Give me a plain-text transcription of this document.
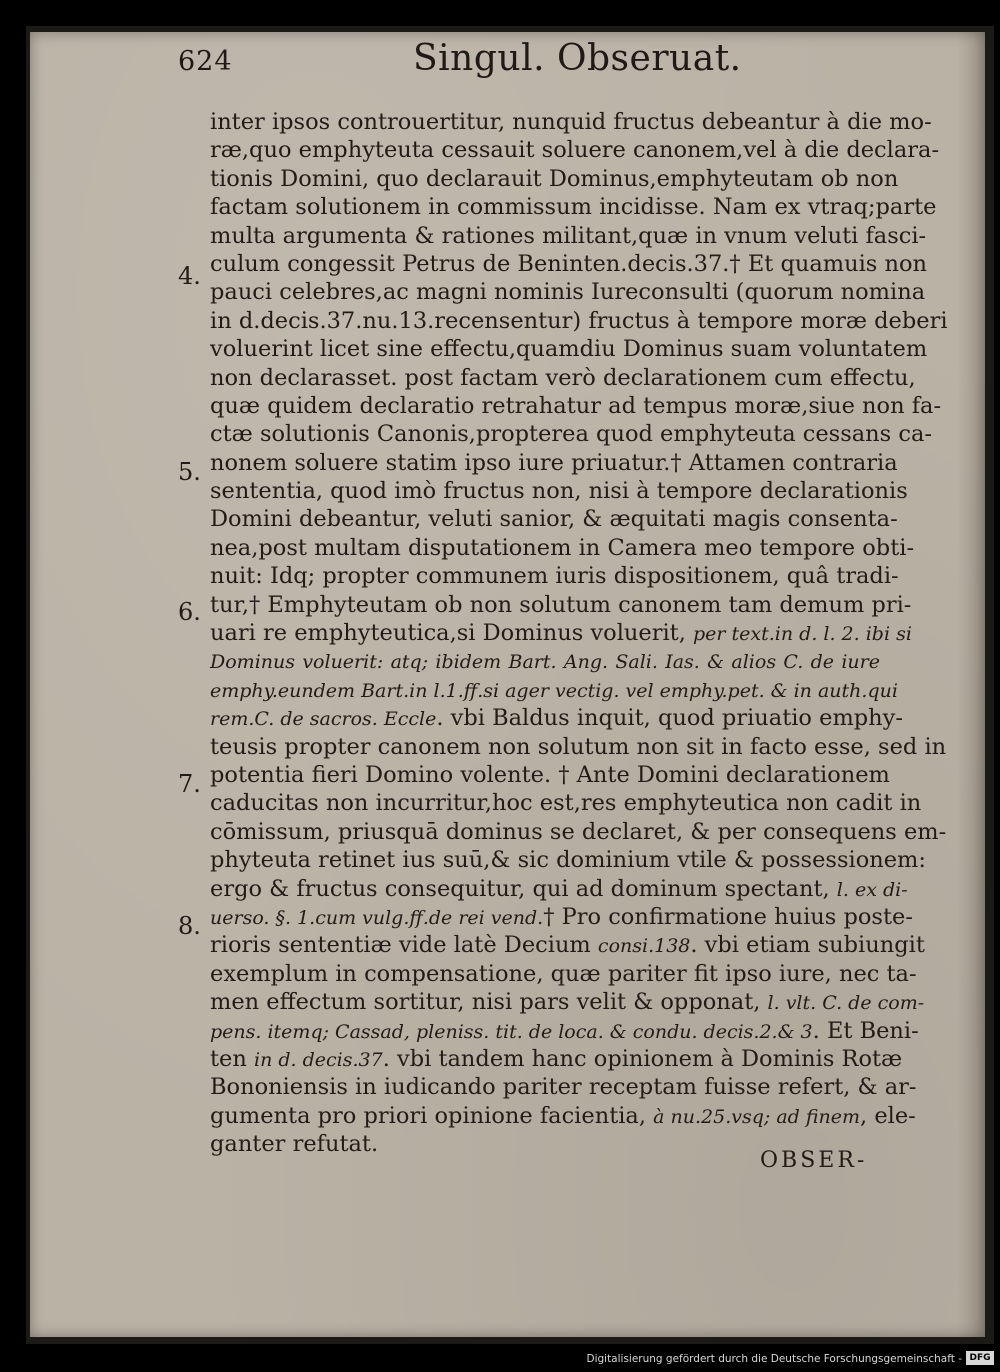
624	Singul. Obseruat.
inter ipsos controuertitur, nunquid fructus debeantur à die mo-
ræ,quo emphyteuta cessauit soluere canonem,vel à die declara-
tionis Domini, quo declarauit Dominus,emphyteutam ob non
factam solutionem in commissum incidisse. Nam ex vtraq;parte
multa argumenta & rationes militant,quæ in vnum veluti fasci-
culum congessit Petrus de Beninten.decis.37.† Et quamuis non
pauci celebres,ac magni nominis Iureconsulti (quorum nomina
in d.decis.37.nu.13.recensentur) fructus à tempore moræ deberi
voluerint licet sine effectu,quamdiu Dominus suam voluntatem
non declarasset. post factam verò declarationem cum effectu,
quæ quidem declaratio retrahatur ad tempus moræ,siue non fa-
ctæ solutionis Canonis,propterea quod emphyteuta cessans ca-
nonem soluere statim ipso iure priuatur.† Attamen contraria
sententia, quod imò fructus non, nisi à tempore declarationis
Domini debeantur, veluti sanior, & æquitati magis consenta-
nea,post multam disputationem in Camera meo tempore obti-
nuit: Idq; propter communem iuris dispositionem, quâ tradi-
tur,† Emphyteutam ob non solutum canonem tam demum pri-
uari re emphyteutica,si Dominus voluerit, per text.in d. l. 2. ibi si
Dominus voluerit: atq; ibidem Bart. Ang. Sali. Ias. & alios C. de iure
emphy.eundem Bart.in l.1.ff.si ager vectig. vel emphy.pet. & in auth.qui
rem.C. de sacros. Eccle. vbi Baldus inquit, quod priuatio emphy-
teusis propter canonem non solutum non sit in facto esse, sed in
potentia fieri Domino volente. † Ante Domini declarationem
caducitas non incurritur,hoc est,res emphyteutica non cadit in
cōmissum, priusquā dominus se declaret, & per consequens em-
phyteuta retinet ius suū,& sic dominium vtile & possessionem:
ergo & fructus consequitur, qui ad dominum spectant, l. ex di-
uerso. §. 1.cum vulg.ff.de rei vend.† Pro confirmatione huius poste-
rioris sententiæ vide latè Decium consi.138. vbi etiam subiungit
exemplum in compensatione, quæ pariter fit ipso iure, nec ta-
men effectum sortitur, nisi pars velit & opponat, l. vlt. C. de com-
pens. itemq; Cassad, pleniss. tit. de loca. & condu. decis.2.& 3. Et Beni-
ten in d. decis.37. vbi tandem hanc opinionem à Dominis Rotæ
Bononiensis in iudicando pariter receptam fuisse refert, & ar-
gumenta pro priori opinione facientia, à nu.25.vsq; ad finem, ele-
ganter refutat.
4.
5.
6.
7.
8.
OBSER-
Digitalisierung gefördert durch die Deutsche Forschungsgemeinschaft - DFG
